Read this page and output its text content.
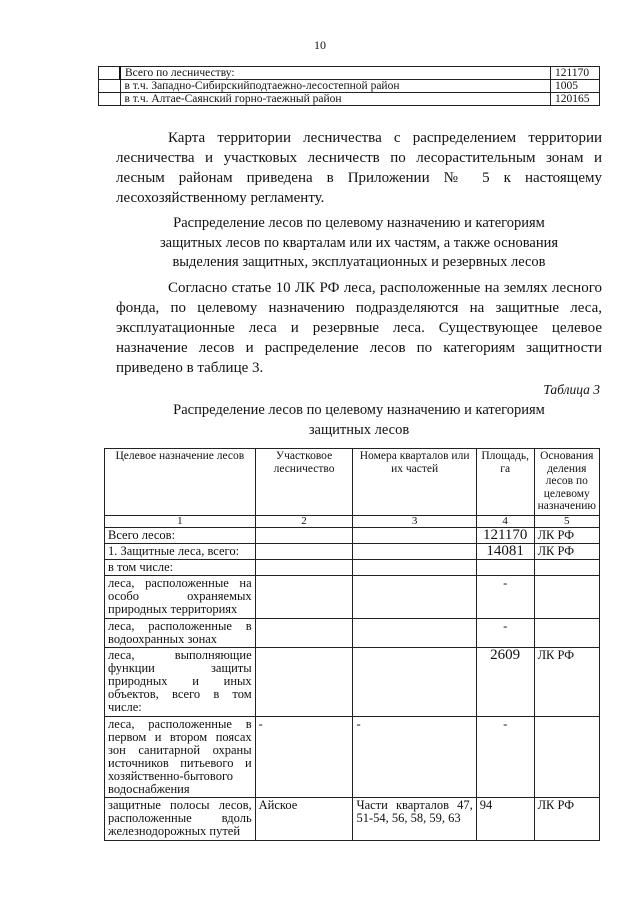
10
	Всего по лесничеству:	121170
	в т.ч. Западно-Сибирскийподтаежно-лесостепной район	1005
	в т.ч. Алтае-Саянский горно-таежный район	120165
Карта территории лесничества с распределением территории лесничества и участковых лесничеств по лесорастительным зонам и лесным районам приведена в Приложении № 5 к настоящему лесохозяйственному регламенту.
Распределение лесов по целевому назначению и категориям
защитных лесов по кварталам или их частям, а также основания
выделения защитных, эксплуатационных и резервных лесов
Согласно статье 10 ЛК РФ леса, расположенные на землях лесного фонда, по целевому назначению подразделяются на защитные леса, эксплуатационные леса и резервные леса. Существующее целевое назначение лесов и распределение лесов по категориям защитности приведено в таблице 3.
Таблица 3
Распределение лесов по целевому назначению и категориям
защитных лесов
Целевое назначение лесов	Участковое лесничество	Номера кварталов или их частей	Площадь, га	Основания деления лесов по целевому назначению
1	2	3	4	5
Всего лесов:			121170	ЛК РФ
1. Защитные леса, всего:			14081	ЛК РФ
в том числе:				
леса, расположенные на особо охраняемых природных территориях			-	
леса, расположенные в водоохранных зонах			-	
леса, выполняющие функции защиты природных и иных объектов, всего в том числе:			2609	ЛК РФ
леса, расположенные в первом и втором поясах зон санитарной охраны источников питьевого и хозяйственно-бытового водоснабжения	-	-	-	
защитные полосы лесов, расположенные вдоль железнодорожных путей	Айское	Части кварталов 47, 51-54, 56, 58, 59, 63	94	ЛК РФ
